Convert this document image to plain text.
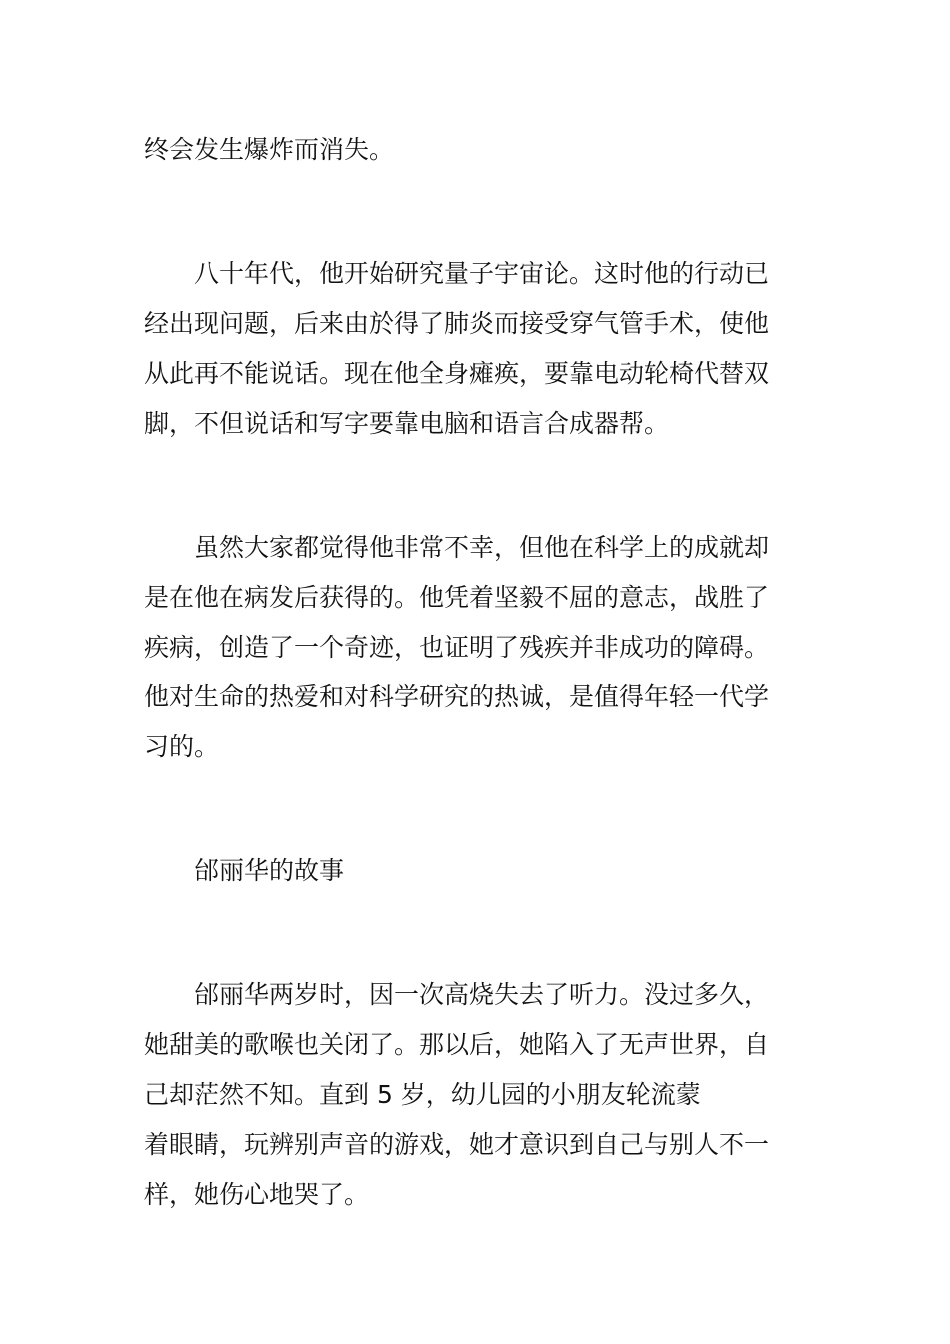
终会发生爆炸而消失。

八十年代，他开始研究量子宇宙论。这时他的行动已

经出现问题，后来由於得了肺炎而接受穿气管手术，使他

从此再不能说话。现在他全身瘫痪，要靠电动轮椅代替双

脚，不但说话和写字要靠电脑和语言合成器帮。

虽然大家都觉得他非常不幸，但他在科学上的成就却

是在他在病发后获得的。他凭着坚毅不屈的意志，战胜了

疾病，创造了一个奇迹，也证明了残疾并非成功的障碍。

他对生命的热爱和对科学研究的热诚，是值得年轻一代学

习的。

邰丽华的故事

邰丽华两岁时，因一次高烧失去了听力。没过多久，

她甜美的歌喉也关闭了。那以后，她陷入了无声世界，自

己却茫然不知。直到 5 岁，幼儿园的小朋友轮流蒙

着眼睛，玩辨别声音的游戏，她才意识到自己与别人不一

样，她伤心地哭了。
